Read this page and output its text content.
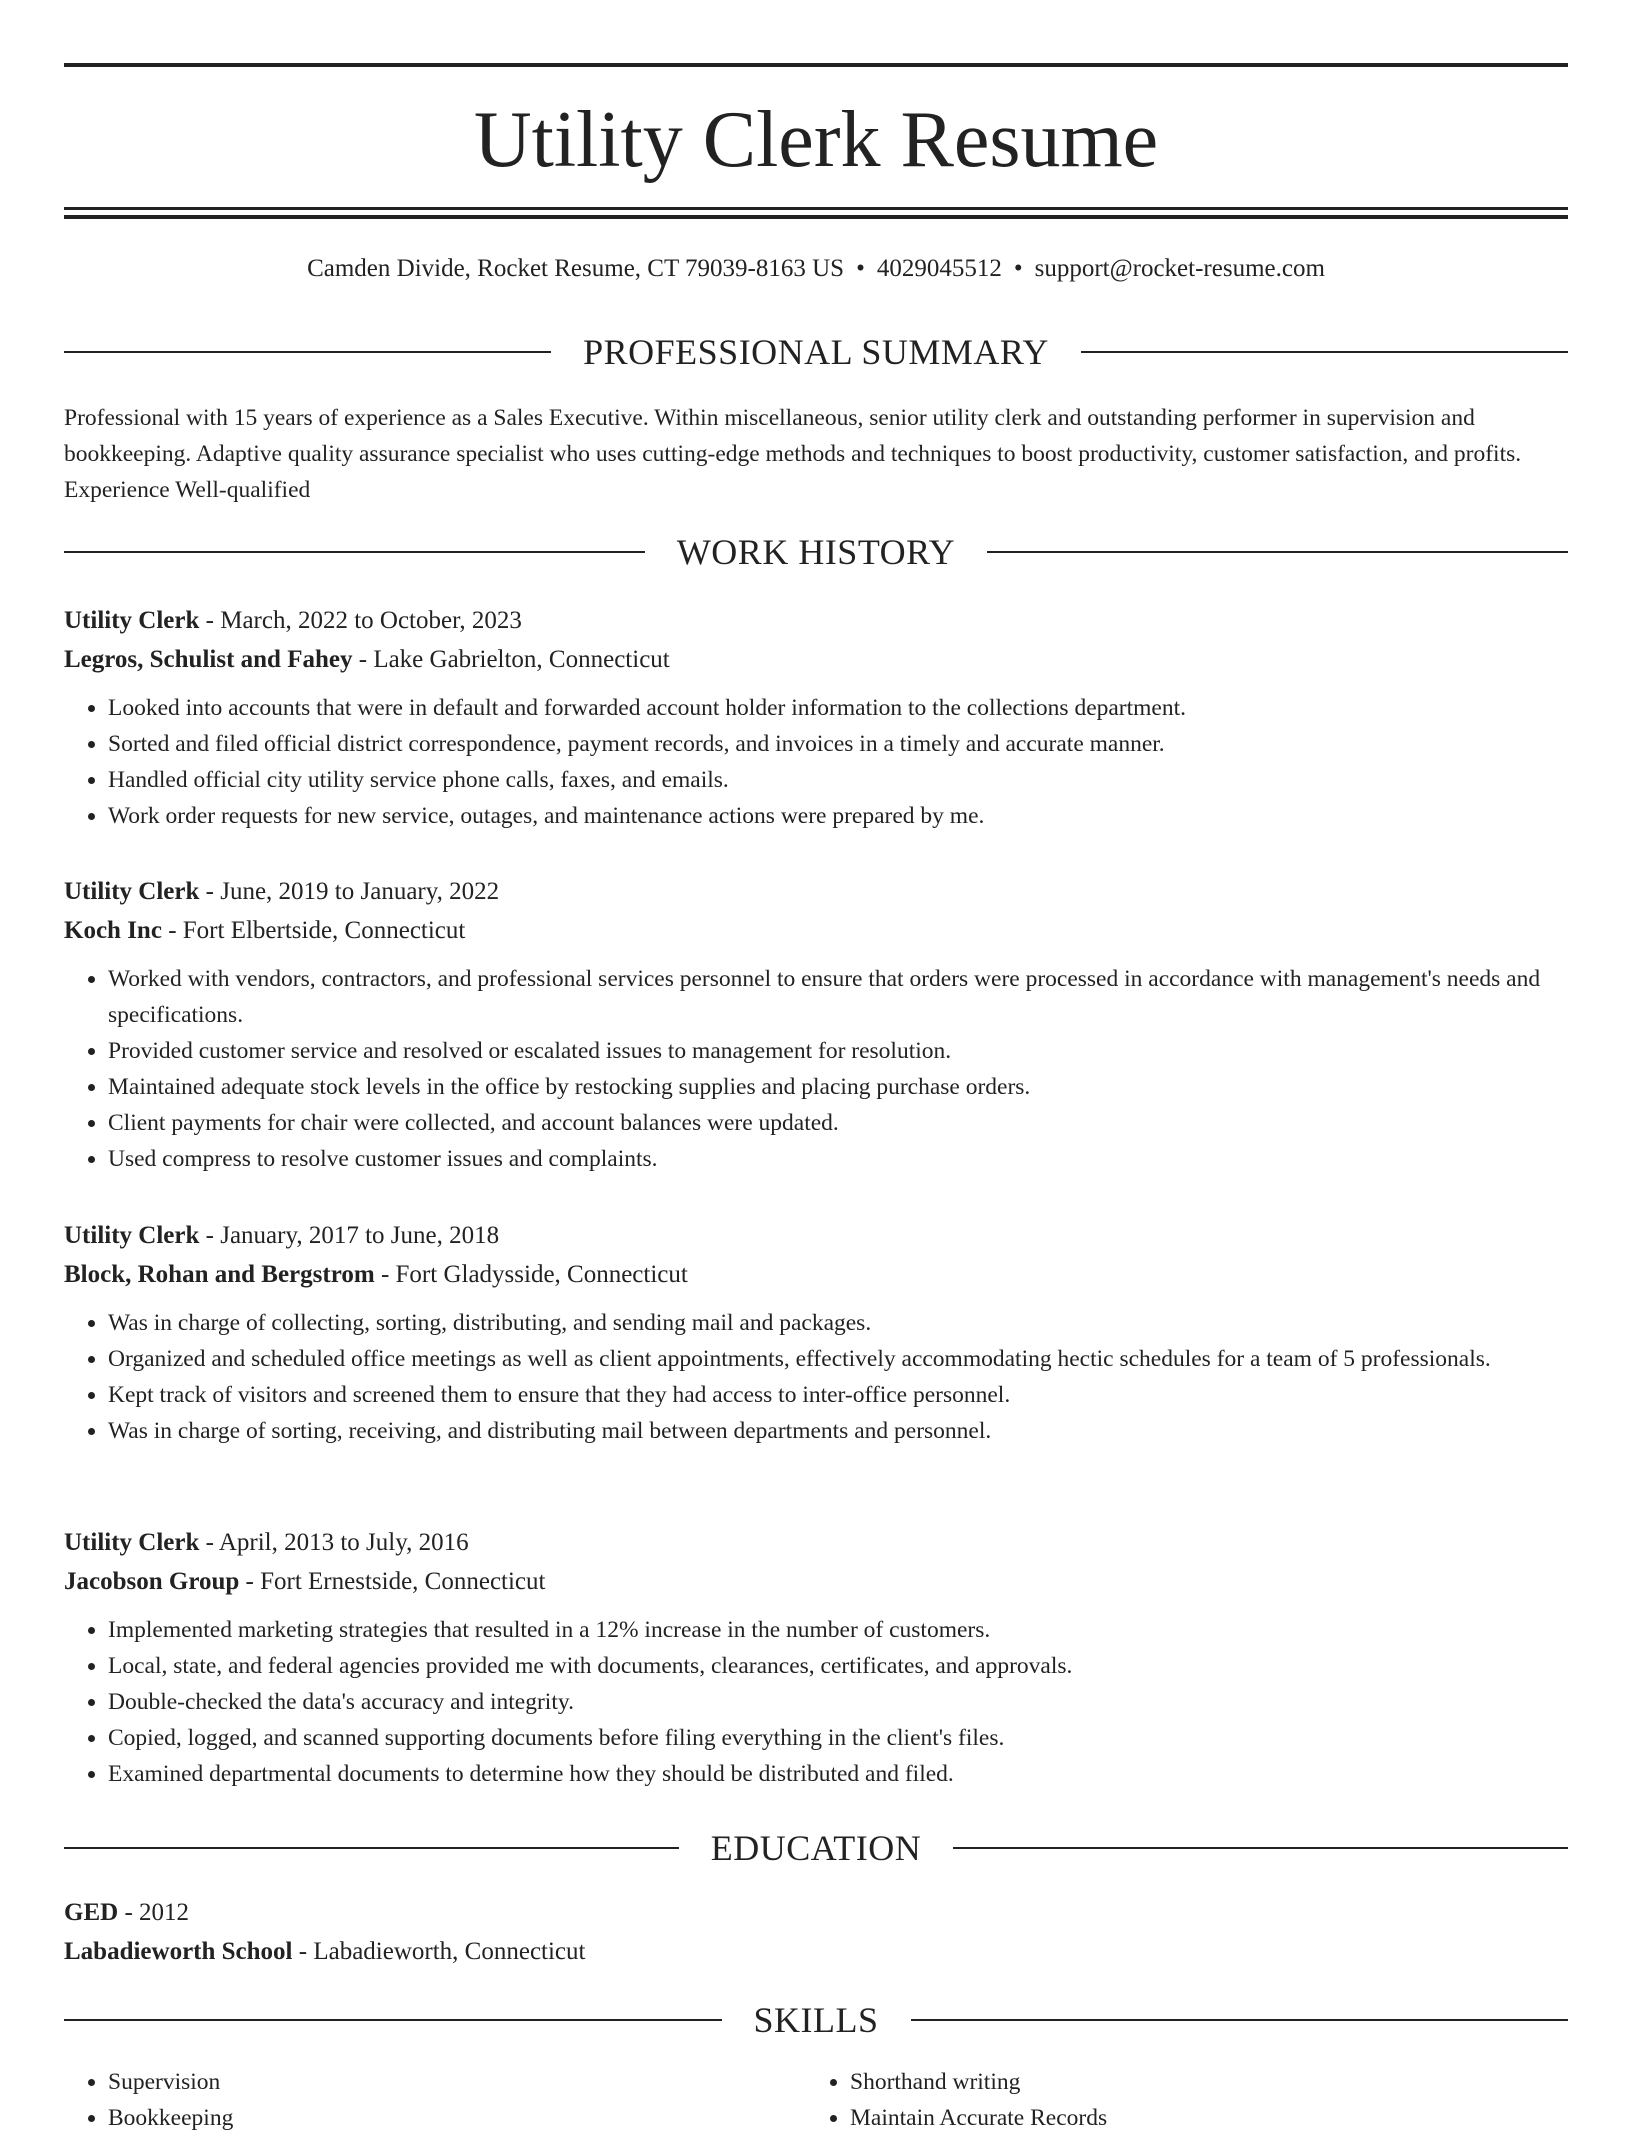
Utility Clerk Resume
Camden Divide, Rocket Resume, CT 79039-8163 US • 4029045512 • support@rocket-resume.com
PROFESSIONAL SUMMARY

Professional with 15 years of experience as a Sales Executive. Within miscellaneous, senior utility clerk and outstanding performer in supervision and bookkeeping. Adaptive quality assurance specialist who uses cutting-edge methods and techniques to boost productivity, customer satisfaction, and profits. Experience Well-qualified

WORK HISTORY
Utility Clerk - March, 2022 to October, 2023
Legros, Schulist and Fahey - Lake Gabrielton, Connecticut
• Looked into accounts that were in default and forwarded account holder information to the collections department.
• Sorted and filed official district correspondence, payment records, and invoices in a timely and accurate manner.
• Handled official city utility service phone calls, faxes, and emails.
• Work order requests for new service, outages, and maintenance actions were prepared by me.
Utility Clerk - June, 2019 to January, 2022
Koch Inc - Fort Elbertside, Connecticut
• Worked with vendors, contractors, and professional services personnel to ensure that orders were processed in accordance with management's needs and specifications.
• Provided customer service and resolved or escalated issues to management for resolution.
• Maintained adequate stock levels in the office by restocking supplies and placing purchase orders.
• Client payments for chair were collected, and account balances were updated.
• Used compress to resolve customer issues and complaints.
Utility Clerk - January, 2017 to June, 2018
Block, Rohan and Bergstrom - Fort Gladysside, Connecticut
• Was in charge of collecting, sorting, distributing, and sending mail and packages.
• Organized and scheduled office meetings as well as client appointments, effectively accommodating hectic schedules for a team of 5 professionals.
• Kept track of visitors and screened them to ensure that they had access to inter-office personnel.
• Was in charge of sorting, receiving, and distributing mail between departments and personnel.
Utility Clerk - April, 2013 to July, 2016
Jacobson Group - Fort Ernestside, Connecticut
• Implemented marketing strategies that resulted in a 12% increase in the number of customers.
• Local, state, and federal agencies provided me with documents, clearances, certificates, and approvals.
• Double-checked the data's accuracy and integrity.
• Copied, logged, and scanned supporting documents before filing everything in the client's files.
• Examined departmental documents to determine how they should be distributed and filed.
EDUCATION
GED - 2012
Labadieworth School - Labadieworth, Connecticut
SKILLS
• Supervision
• Bookkeeping
• Shorthand writing
• Maintain Accurate Records
